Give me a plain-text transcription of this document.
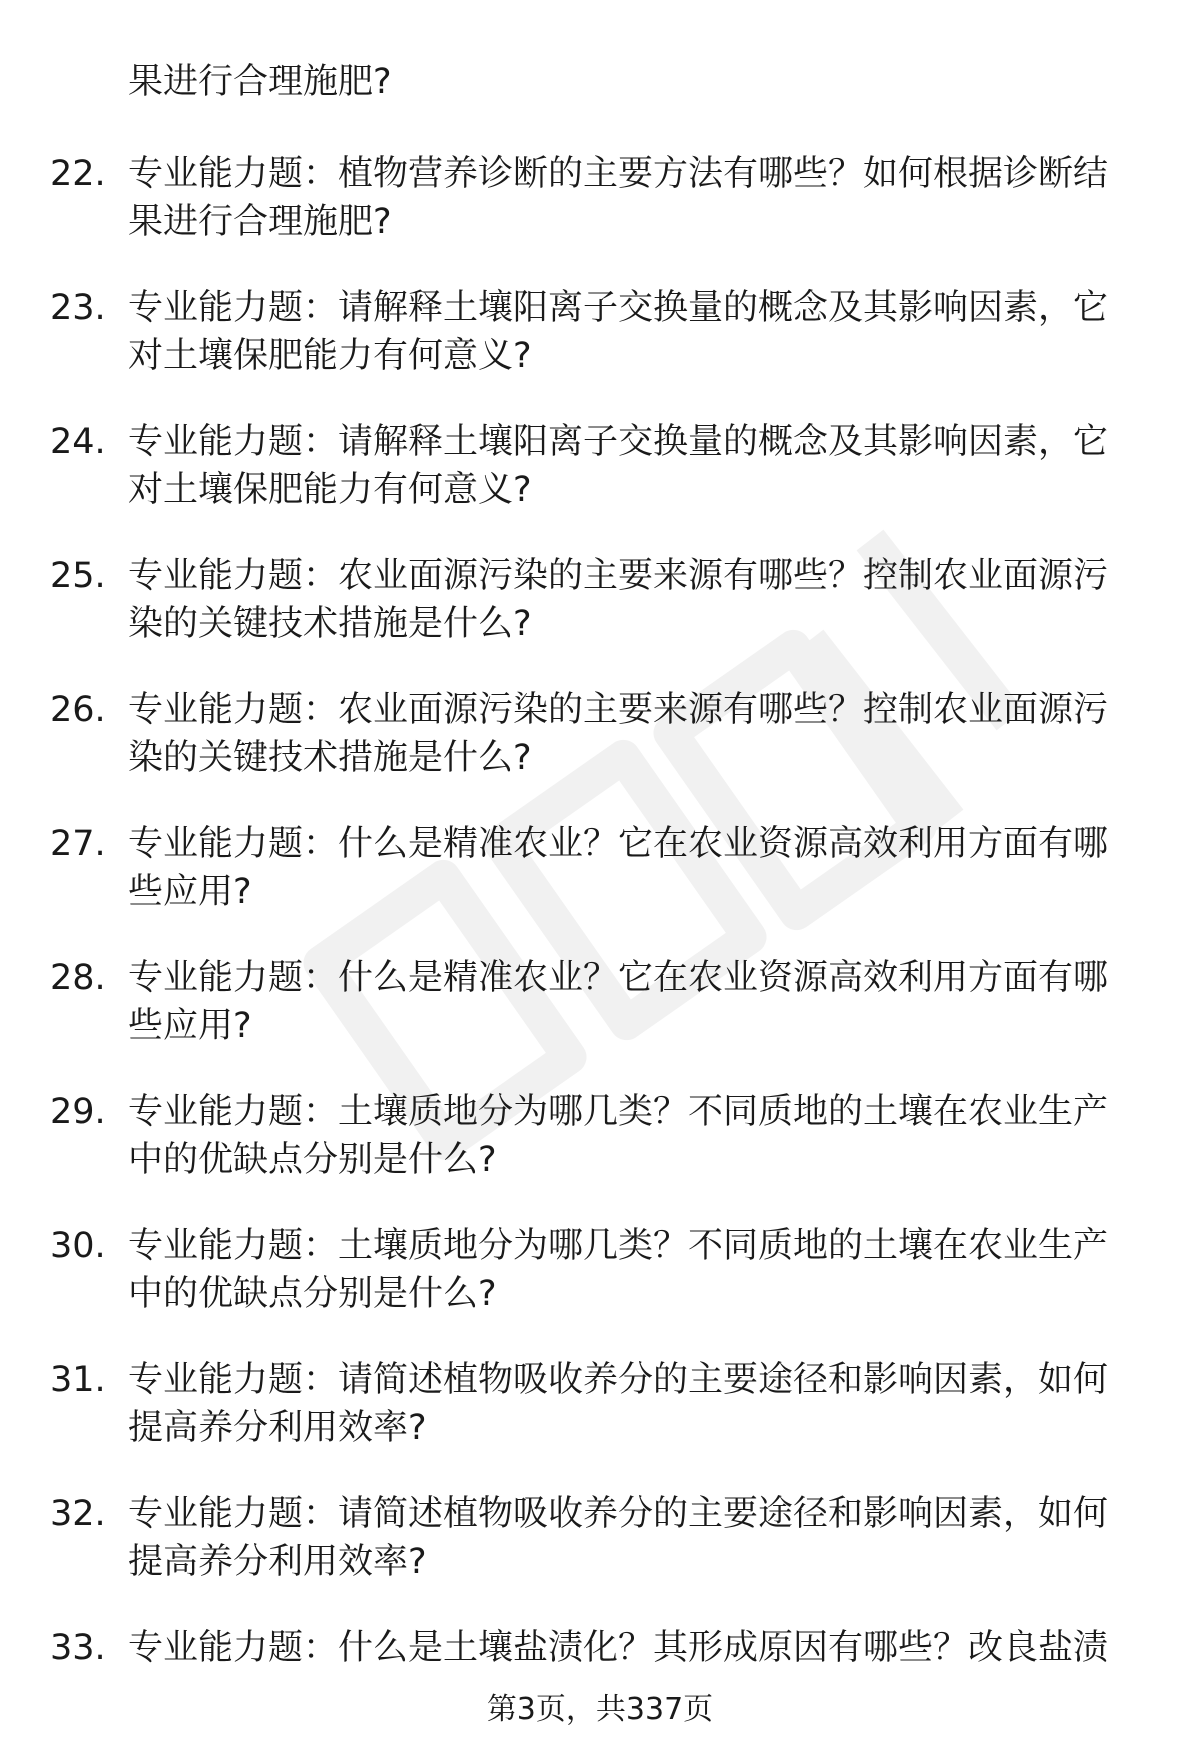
果进行合理施肥?

22. 专业能力题：植物营养诊断的主要方法有哪些？如何根据诊断结果进行合理施肥?

23. 专业能力题：请解释土壤阳离子交换量的概念及其影响因素，它对土壤保肥能力有何意义?

24. 专业能力题：请解释土壤阳离子交换量的概念及其影响因素，它对土壤保肥能力有何意义?

25. 专业能力题：农业面源污染的主要来源有哪些？控制农业面源污染的关键技术措施是什么?

26. 专业能力题：农业面源污染的主要来源有哪些？控制农业面源污染的关键技术措施是什么?

27. 专业能力题：什么是精准农业？它在农业资源高效利用方面有哪些应用?

28. 专业能力题：什么是精准农业？它在农业资源高效利用方面有哪些应用?

29. 专业能力题：土壤质地分为哪几类？不同质地的土壤在农业生产中的优缺点分别是什么?

30. 专业能力题：土壤质地分为哪几类？不同质地的土壤在农业生产中的优缺点分别是什么?

31. 专业能力题：请简述植物吸收养分的主要途径和影响因素，如何提高养分利用效率?

32. 专业能力题：请简述植物吸收养分的主要途径和影响因素，如何提高养分利用效率?

33. 专业能力题：什么是土壤盐渍化？其形成原因有哪些？改良盐渍

第3页，共337页
